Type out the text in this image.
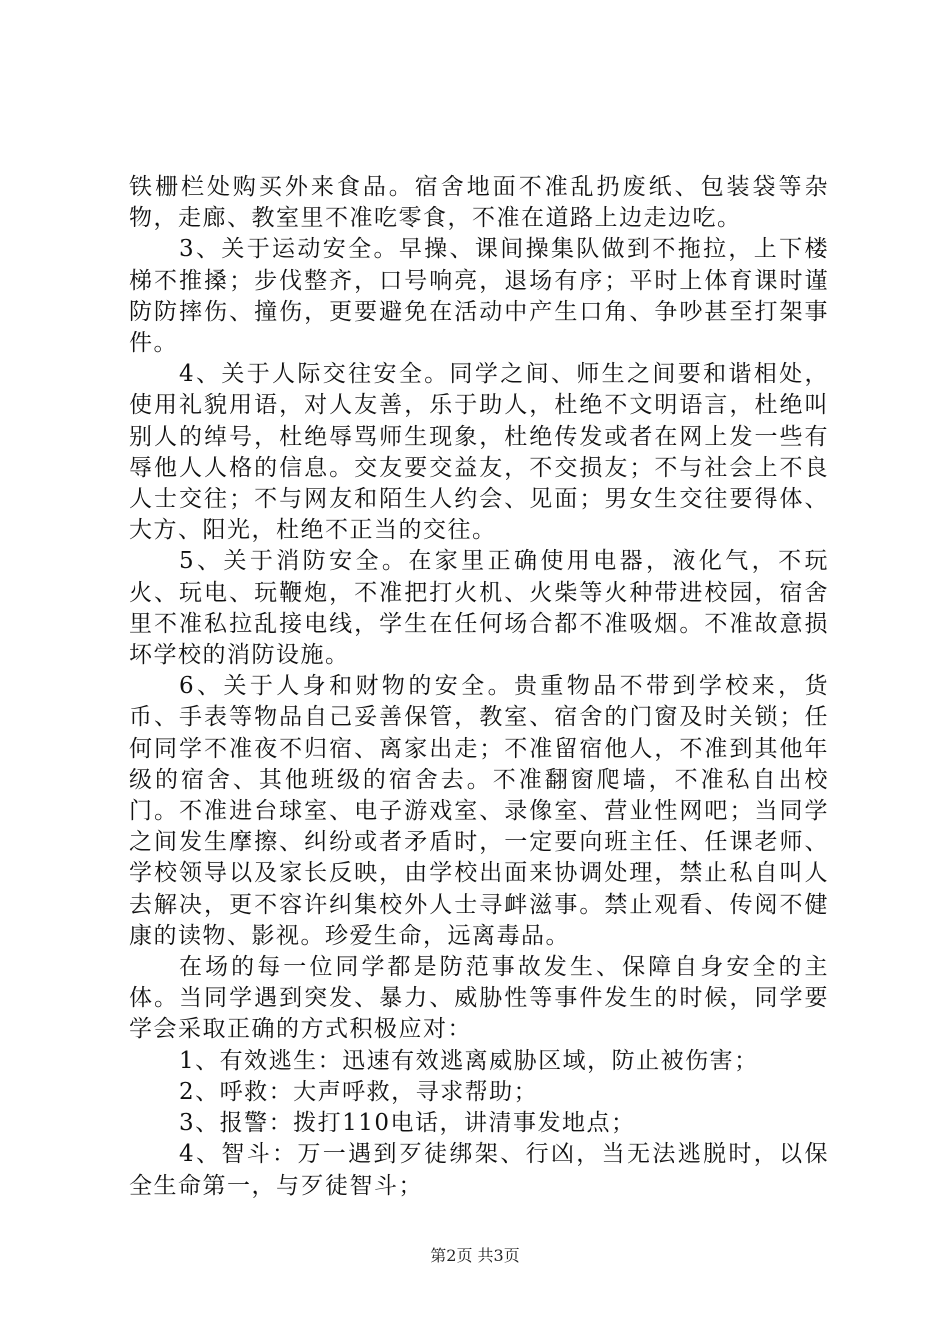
铁栅栏处购买外来食品。宿舍地面不准乱扔废纸、包装袋等杂物，走廊、教室里不准吃零食，不准在道路上边走边吃。

3、关于运动安全。早操、课间操集队做到不拖拉，上下楼梯不推搡；步伐整齐，口号响亮，退场有序；平时上体育课时谨防防摔伤、撞伤，更要避免在活动中产生口角、争吵甚至打架事件。

4、关于人际交往安全。同学之间、师生之间要和谐相处，使用礼貌用语，对人友善，乐于助人，杜绝不文明语言，杜绝叫别人的绰号，杜绝辱骂师生现象，杜绝传发或者在网上发一些有辱他人人格的信息。交友要交益友，不交损友；不与社会上不良人士交往；不与网友和陌生人约会、见面；男女生交往要得体、大方、阳光，杜绝不正当的交往。

5、关于消防安全。在家里正确使用电器，液化气，不玩火、玩电、玩鞭炮，不准把打火机、火柴等火种带进校园，宿舍里不准私拉乱接电线，学生在任何场合都不准吸烟。不准故意损坏学校的消防设施。

6、关于人身和财物的安全。贵重物品不带到学校来，货币、手表等物品自己妥善保管，教室、宿舍的门窗及时关锁；任何同学不准夜不归宿、离家出走；不准留宿他人，不准到其他年级的宿舍、其他班级的宿舍去。不准翻窗爬墙，不准私自出校门。不准进台球室、电子游戏室、录像室、营业性网吧；当同学之间发生摩擦、纠纷或者矛盾时，一定要向班主任、任课老师、学校领导以及家长反映，由学校出面来协调处理，禁止私自叫人去解决，更不容许纠集校外人士寻衅滋事。禁止观看、传阅不健康的读物、影视。珍爱生命，远离毒品。

在场的每一位同学都是防范事故发生、保障自身安全的主体。当同学遇到突发、暴力、威胁性等事件发生的时候，同学要学会采取正确的方式积极应对：

1、有效逃生：迅速有效逃离威胁区域，防止被伤害；

2、呼救：大声呼救，寻求帮助；

3、报警：拨打110电话，讲清事发地点；

4、智斗：万一遇到歹徒绑架、行凶，当无法逃脱时，以保全生命第一，与歹徒智斗；

第2页 共3页
